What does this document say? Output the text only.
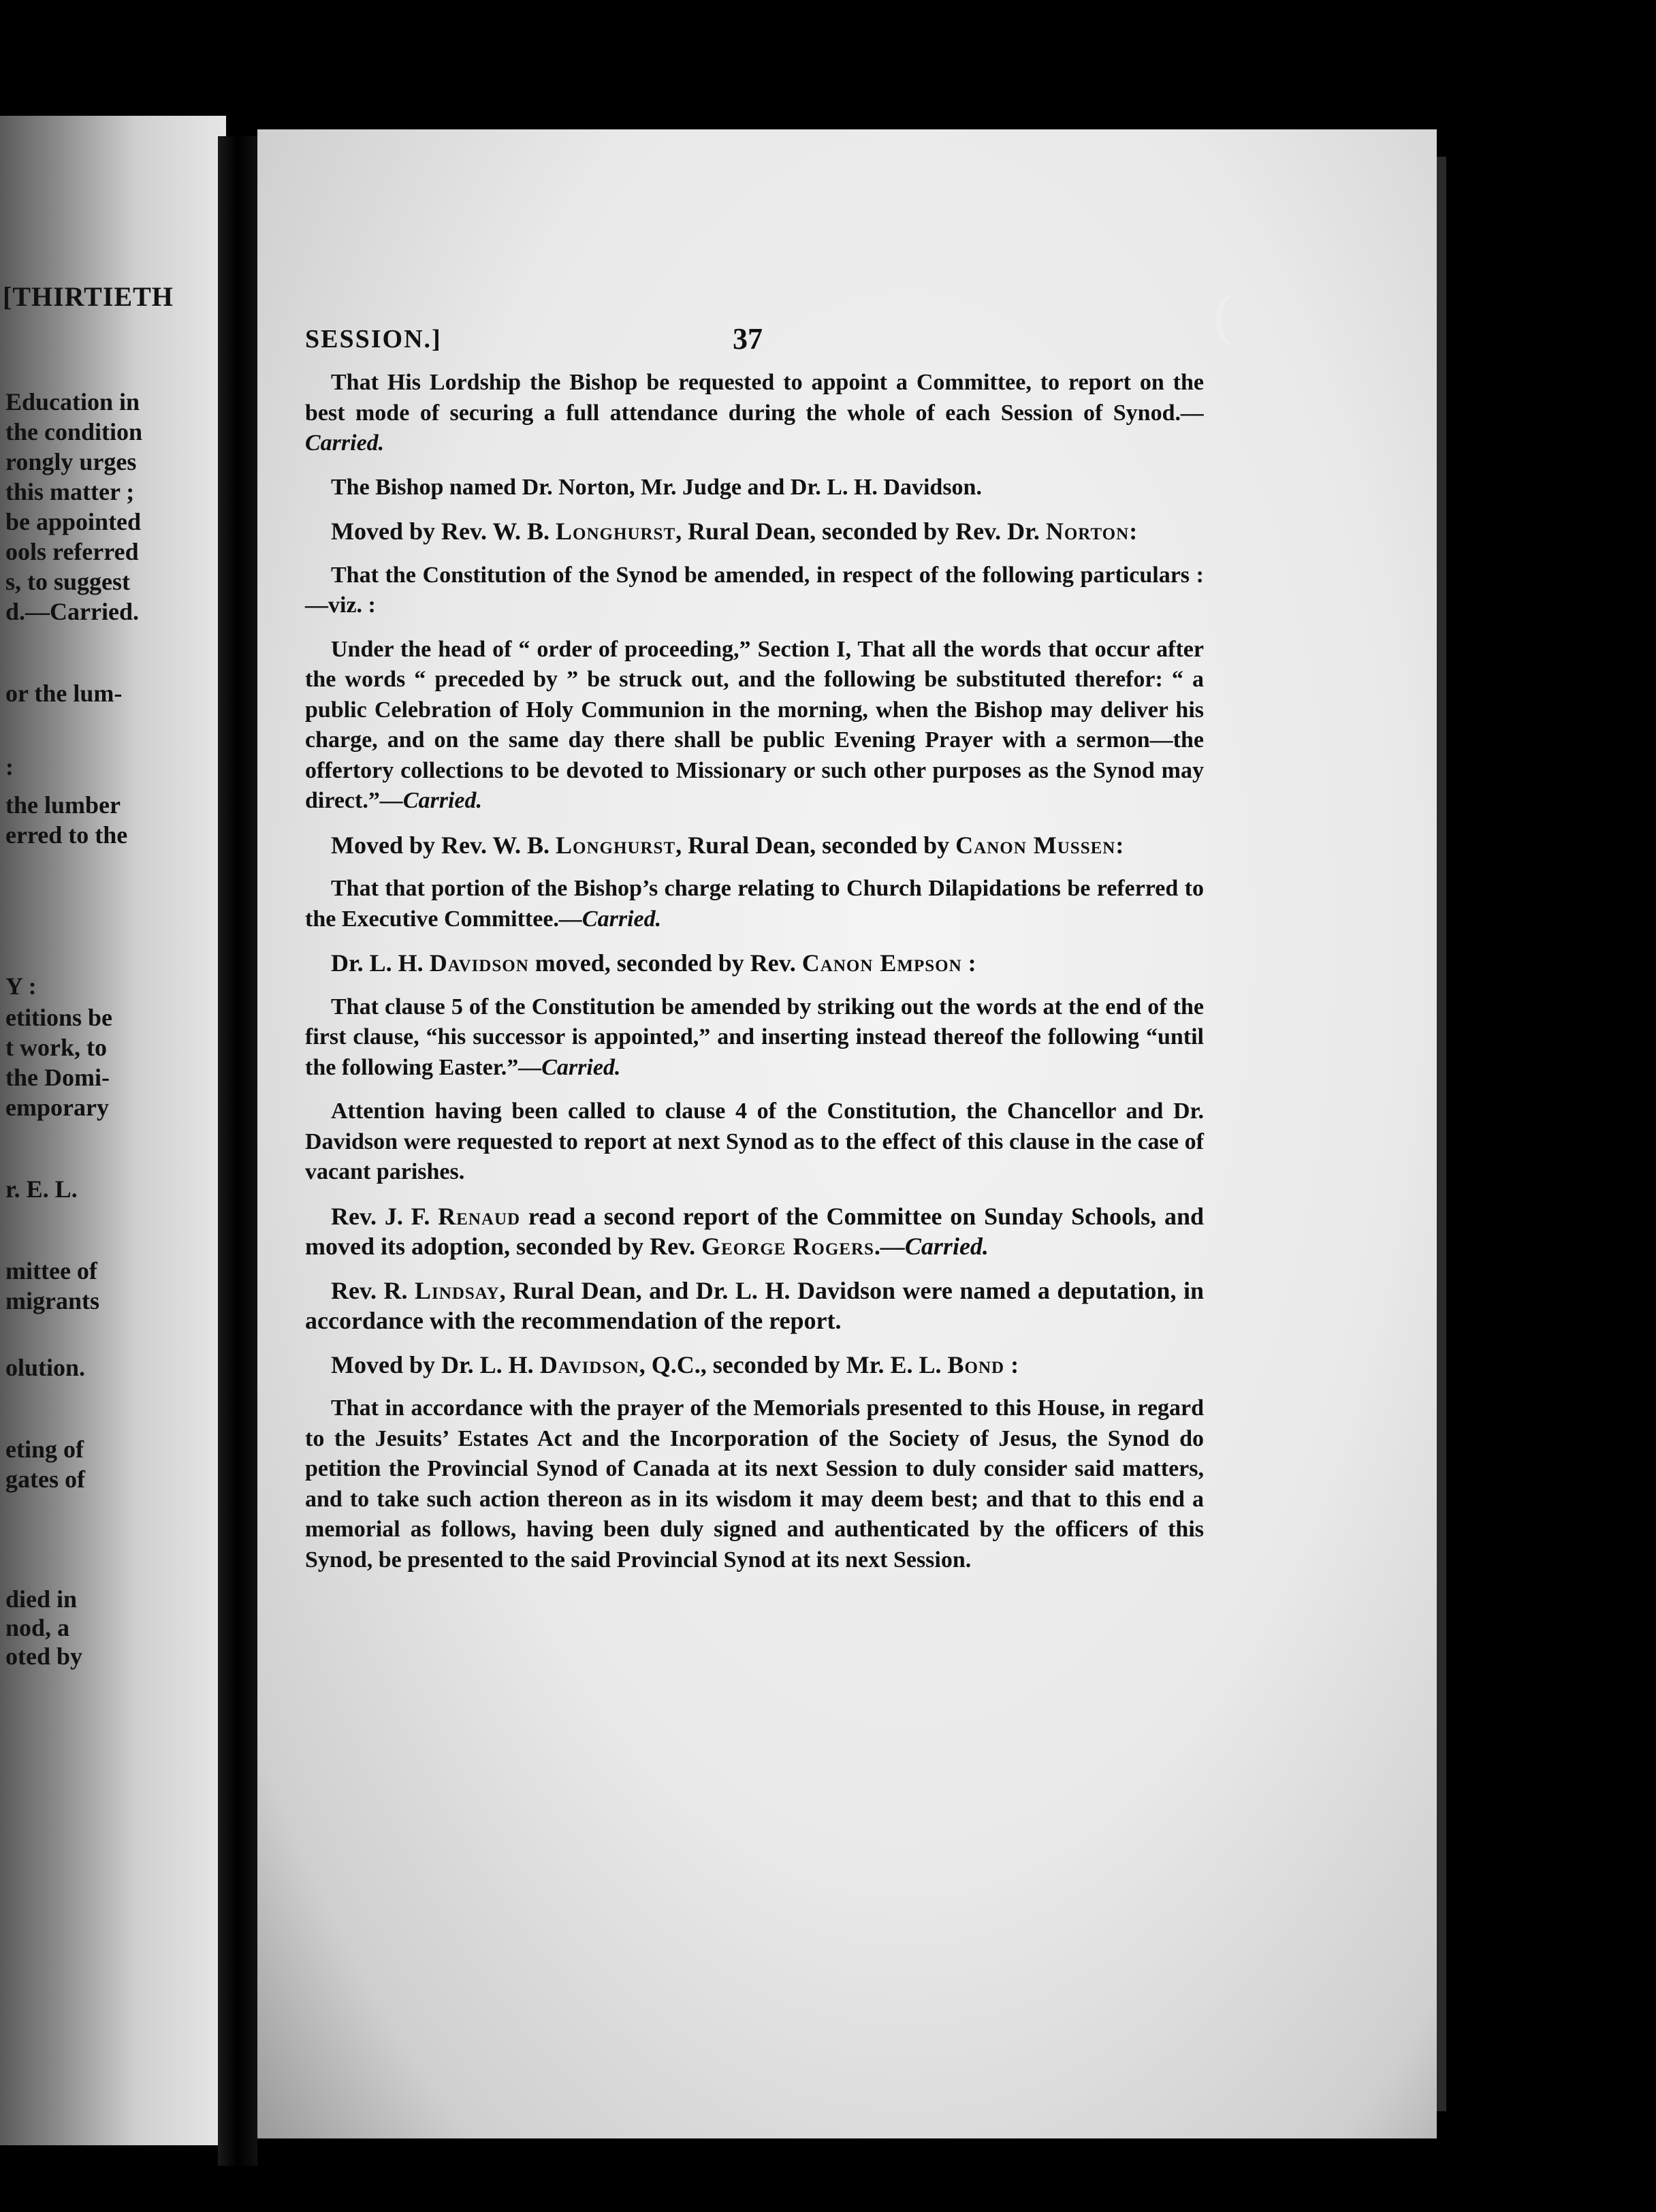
[THIRTIETH
Education in
the condition
rongly urges
this matter ;
be appointed
ools referred
s, to suggest
d.—Carried.
or the lum-
:
the lumber
erred to the
Y :
etitions be
t work, to
the Domi-
emporary
r. E. L.
mittee of
migrants
olution.
eting of
gates of
died in
nod, a
oted by
SESSION.]	37	(

That His Lordship the Bishop be requested to appoint a Committee, to report on the best mode of securing a full attendance during the whole of each Session of Synod.—Carried.

The Bishop named Dr. Norton, Mr. Judge and Dr. L. H. Davidson.

Moved by Rev. W. B. Longhurst, Rural Dean, seconded by Rev. Dr. Norton:

That the Constitution of the Synod be amended, in respect of the following particulars :—viz. :

Under the head of “ order of proceeding,” Section I, That all the words that occur after the words “ preceded by ” be struck out, and the following be substituted therefor: “ a public Celebration of Holy Communion in the morning, when the Bishop may deliver his charge, and on the same day there shall be public Evening Prayer with a sermon—the offertory collections to be devoted to Missionary or such other purposes as the Synod may direct.”—Carried.

Moved by Rev. W. B. Longhurst, Rural Dean, seconded by Canon Mussen:

That that portion of the Bishop’s charge relating to Church Dilapidations be referred to the Executive Committee.—Carried.

Dr. L. H. Davidson moved, seconded by Rev. Canon Empson :

That clause 5 of the Constitution be amended by striking out the words at the end of the first clause, “his successor is appointed,” and inserting instead thereof the following “until the following Easter.”—Carried.

Attention having been called to clause 4 of the Constitution, the Chancellor and Dr. Davidson were requested to report at next Synod as to the effect of this clause in the case of vacant parishes.

Rev. J. F. Renaud read a second report of the Committee on Sunday Schools, and moved its adoption, seconded by Rev. George Rogers.—Carried.

Rev. R. Lindsay, Rural Dean, and Dr. L. H. Davidson were named a deputation, in accordance with the recommendation of the report.

Moved by Dr. L. H. Davidson, Q.C., seconded by Mr. E. L. Bond :

That in accordance with the prayer of the Memorials presented to this House, in regard to the Jesuits’ Estates Act and the Incorporation of the Society of Jesus, the Synod do petition the Provincial Synod of Canada at its next Session to duly consider said matters, and to take such action thereon as in its wisdom it may deem best; and that to this end a memorial as follows, having been duly signed and authenticated by the officers of this Synod, be presented to the said Provincial Synod at its next Session.
